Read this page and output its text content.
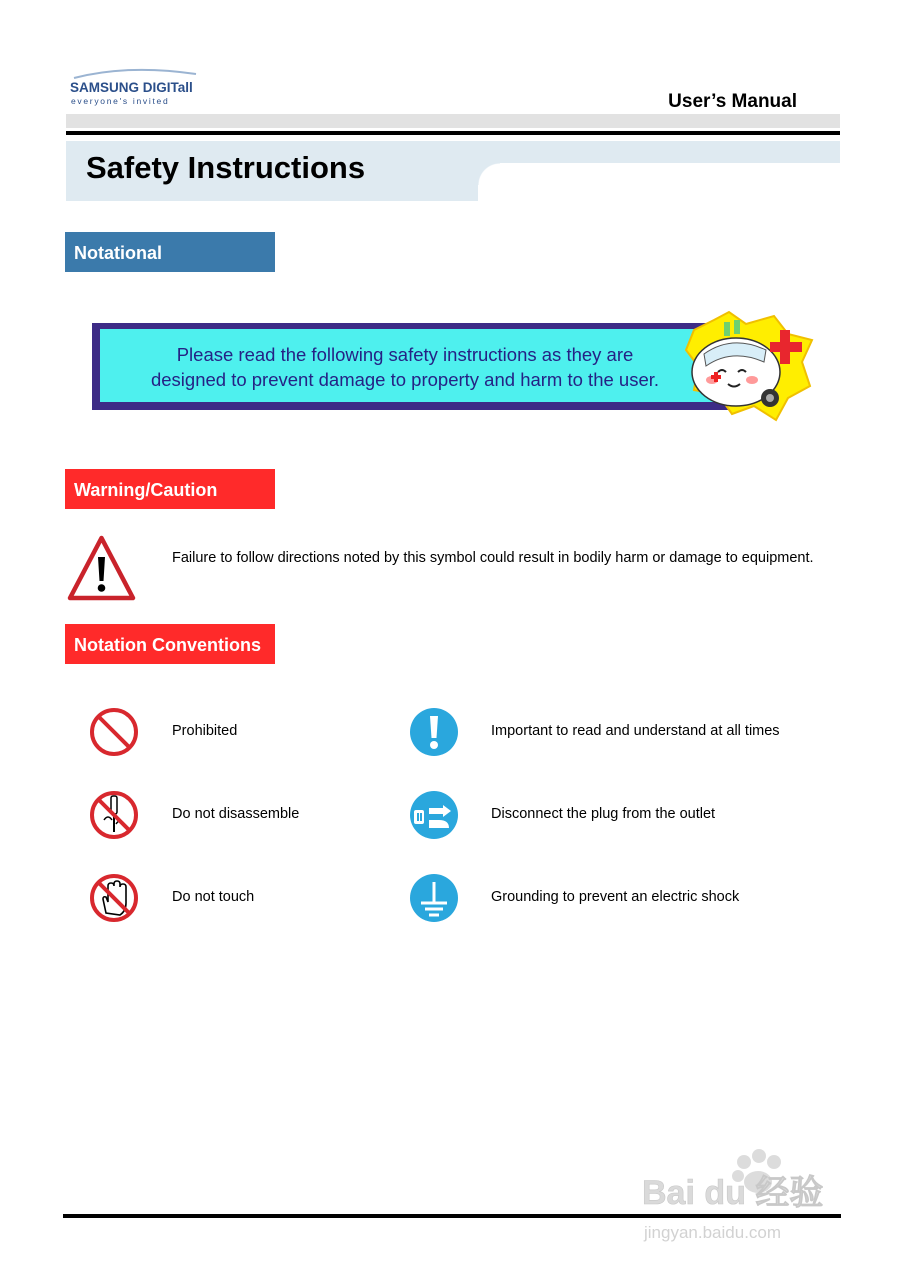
SAMSUNG DIGITall
everyone's invited	User’s Manual
Safety Instructions
Notational
Please read the following safety instructions as they are
designed to prevent damage to property and harm to the user.
Warning/Caution
Failure to follow directions noted by this symbol could result in bodily harm or damage to equipment.
Notation Conventions
Prohibited	Important to read and understand at all times
Do not disassemble	Disconnect the plug from the outlet
Do not touch	Grounding to prevent an electric shock
Bai du 经验
jingyan.baidu.com
